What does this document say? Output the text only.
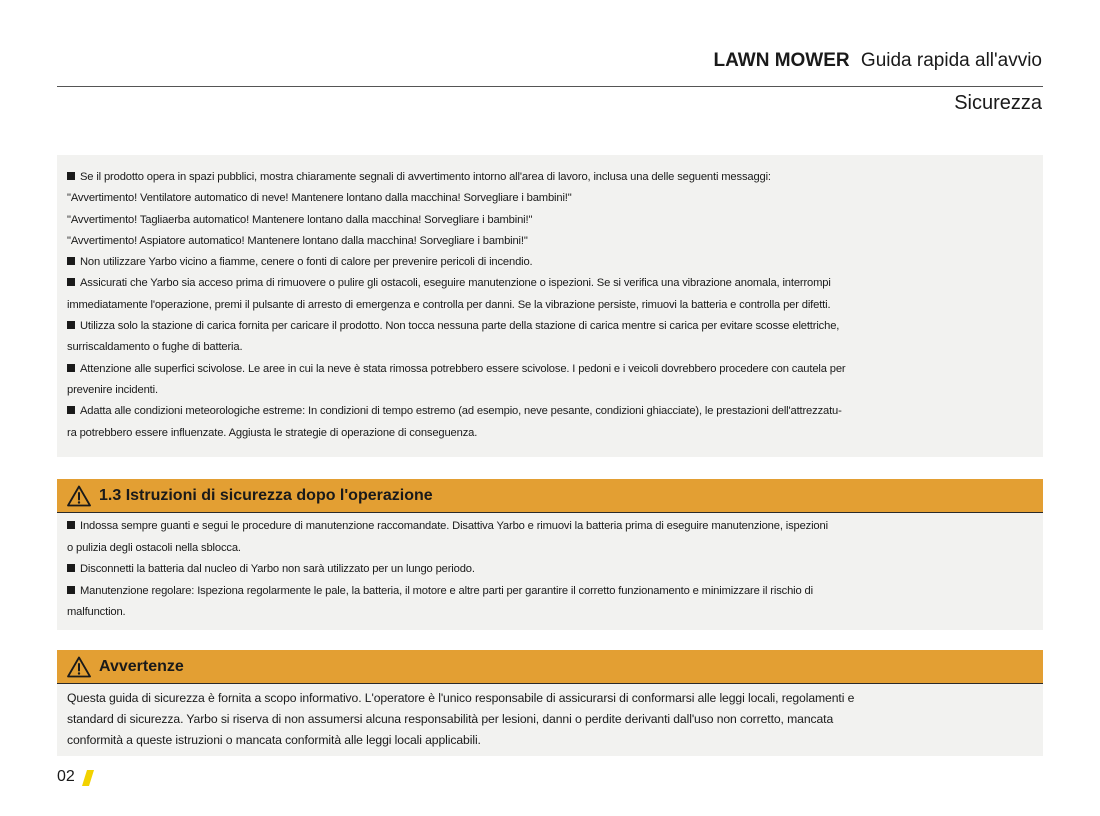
LAWN MOWER Guida rapida all'avvio
Sicurezza
Se il prodotto opera in spazi pubblici, mostra chiaramente segnali di avvertimento intorno all'area di lavoro, inclusa una delle seguenti messaggi:
"Avvertimento! Ventilatore automatico di neve! Mantenere lontano dalla macchina! Sorvegliare i bambini!"
"Avvertimento! Tagliaerba automatico! Mantenere lontano dalla macchina! Sorvegliare i bambini!"
"Avvertimento! Aspiatore automatico! Mantenere lontano dalla macchina! Sorvegliare i bambini!"
Non utilizzare Yarbo vicino a fiamme, cenere o fonti di calore per prevenire pericoli di incendio.
Assicurati che Yarbo sia acceso prima di rimuovere o pulire gli ostacoli, eseguire manutenzione o ispezioni. Se si verifica una vibrazione anomala, interrompi
immediatamente l'operazione, premi il pulsante di arresto di emergenza e controlla per danni. Se la vibrazione persiste, rimuovi la batteria e controlla per difetti.
Utilizza solo la stazione di carica fornita per caricare il prodotto. Non tocca nessuna parte della stazione di carica mentre si carica per evitare scosse elettriche,
surriscaldamento o fughe di batteria.
Attenzione alle superfici scivolose. Le aree in cui la neve è stata rimossa potrebbero essere scivolose. I pedoni e i veicoli dovrebbero procedere con cautela per
prevenire incidenti.
Adatta alle condizioni meteorologiche estreme: In condizioni di tempo estremo (ad esempio, neve pesante, condizioni ghiacciate), le prestazioni dell'attrezzatu-
ra potrebbero essere influenzate. Aggiusta le strategie di operazione di conseguenza.
1.3 Istruzioni di sicurezza dopo l'operazione
Indossa sempre guanti e segui le procedure di manutenzione raccomandate. Disattiva Yarbo e rimuovi la batteria prima di eseguire manutenzione, ispezioni
o pulizia degli ostacoli nella sblocca.
Disconnetti la batteria dal nucleo di Yarbo non sarà utilizzato per un lungo periodo.
Manutenzione regolare: Ispeziona regolarmente le pale, la batteria, il motore e altre parti per garantire il corretto funzionamento e minimizzare il rischio di
malfunction.
Avvertenze
Questa guida di sicurezza è fornita a scopo informativo. L'operatore è l'unico responsabile di assicurarsi di conformarsi alle leggi locali, regolamenti e
standard di sicurezza. Yarbo si riserva di non assumersi alcuna responsabilità per lesioni, danni o perdite derivanti dall'uso non corretto, mancata
conformità a queste istruzioni o mancata conformità alle leggi locali applicabili.
02
